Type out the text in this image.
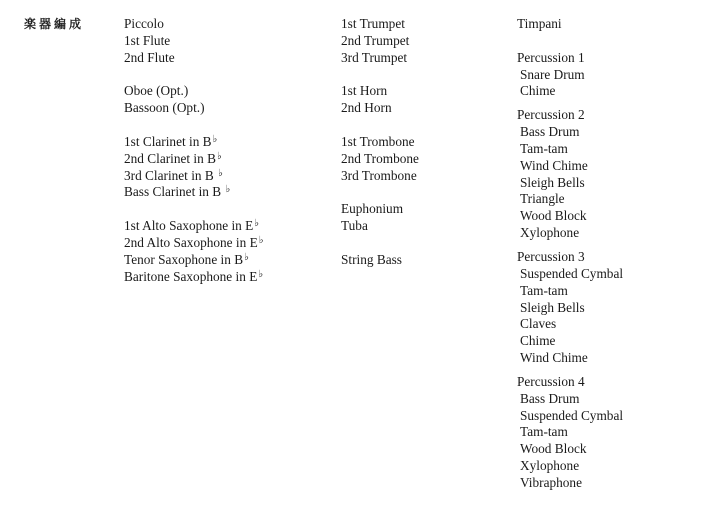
楽器編成	Piccolo
1st Flute
2nd Flute
Oboe (Opt.)
Bassoon (Opt.)
1st Clarinet in B♭
2nd Clarinet in B♭
3rd Clarinet in B ♭
Bass Clarinet in B ♭
1st Alto Saxophone in E♭
2nd Alto Saxophone in E♭
Tenor Saxophone in B♭
Baritone Saxophone in E♭
1st Trumpet
2nd Trumpet
3rd Trumpet
1st Horn
2nd Horn
1st Trombone
2nd Trombone
3rd Trombone
Euphonium
Tuba
String Bass
Timpani
Percussion 1
Snare Drum
Chime
Percussion 2
Bass Drum
Tam-tam
Wind Chime
Sleigh Bells
Triangle
Wood Block
Xylophone
Percussion 3
Suspended Cymbal
Tam-tam
Sleigh Bells
Claves
Chime
Wind Chime
Percussion 4
Bass Drum
Suspended Cymbal
Tam-tam
Wood Block
Xylophone
Vibraphone
